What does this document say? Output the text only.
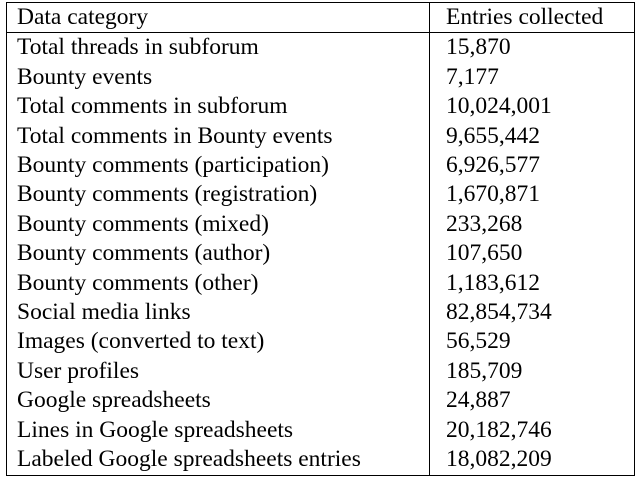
Data category	Entries collected
Total threads in subforum	15,870
Bounty events	7,177
Total comments in subforum	10,024,001
Total comments in Bounty events	9,655,442
Bounty comments (participation)	6,926,577
Bounty comments (registration)	1,670,871
Bounty comments (mixed)	233,268
Bounty comments (author)	107,650
Bounty comments (other)	1,183,612
Social media links	82,854,734
Images (converted to text)	56,529
User profiles	185,709
Google spreadsheets	24,887
Lines in Google spreadsheets	20,182,746
Labeled Google spreadsheets entries	18,082,209
